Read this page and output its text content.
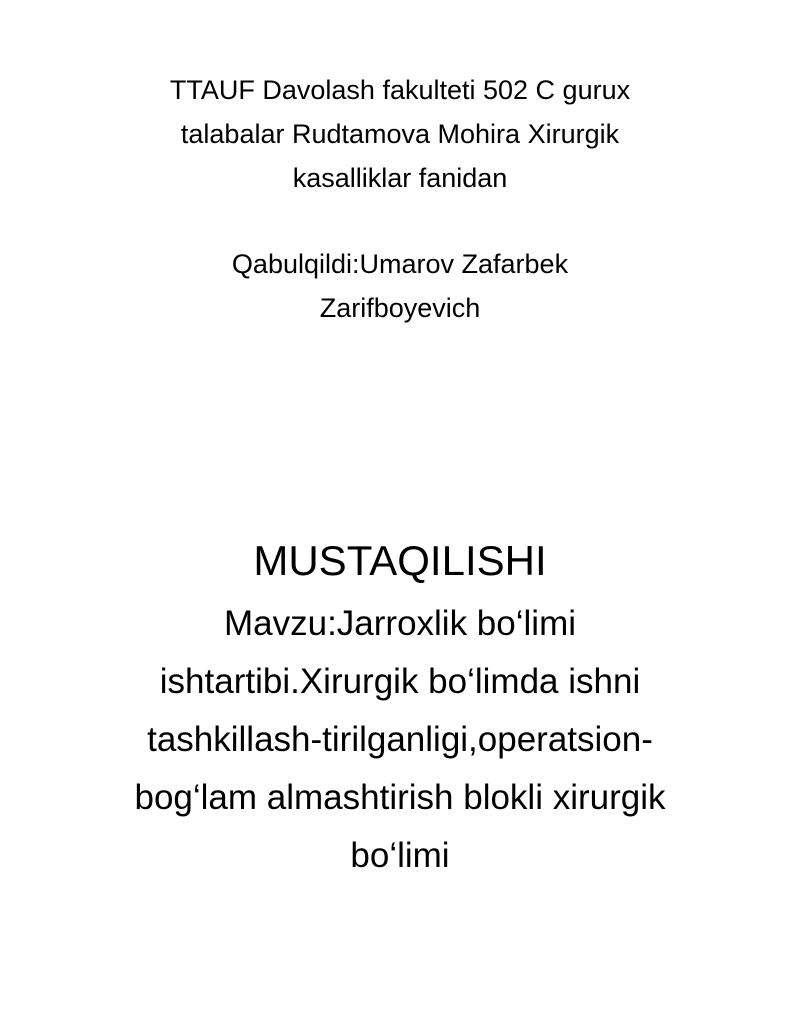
TTAUF Davolash fakulteti 502 C gurux
talabalar Rudtamova Mohira Xirurgik
kasalliklar fanidan
Qabulqildi:Umarov Zafarbek
Zarifboyevich
MUSTAQILISHI
Mavzu:Jarroxlik bo‘limi
ishtartibi.Xirurgik bo‘limda ishni
tashkillash-tirilganligi,operatsion-
bog‘lam almashtirish blokli xirurgik
bo‘limi
